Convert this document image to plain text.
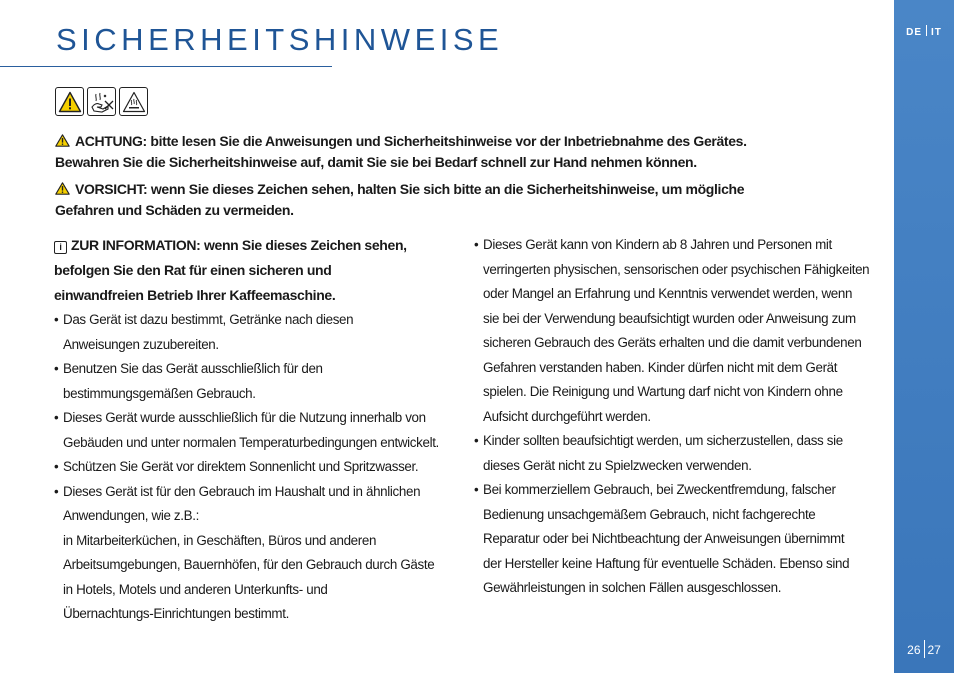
SICHERHEITSHINWEISE	DE IT
26 27
ACHTUNG: bitte lesen Sie die Anweisungen und Sicherheitshinweise vor der Inbetriebnahme des Gerätes.
Bewahren Sie die Sicherheitshinweise auf, damit Sie sie bei Bedarf schnell zur Hand nehmen können.
VORSICHT: wenn Sie dieses Zeichen sehen, halten Sie sich bitte an die Sicherheitshinweise, um mögliche
Gefahren und Schäden zu vermeiden.
i ZUR INFORMATION: wenn Sie dieses Zeichen sehen,
befolgen Sie den Rat für einen sicheren und
einwandfreien Betrieb Ihrer Kaffeemaschine.
• Das Gerät ist dazu bestimmt, Getränke nach diesen
Anweisungen zuzubereiten.
• Benutzen Sie das Gerät ausschließlich für den
bestimmungsgemäßen Gebrauch.
• Dieses Gerät wurde ausschließlich für die Nutzung innerhalb von
Gebäuden und unter normalen Temperaturbedingungen entwickelt.
• Schützen Sie Gerät vor direktem Sonnenlicht und Spritzwasser.
• Dieses Gerät ist für den Gebrauch im Haushalt und in ähnlichen
Anwendungen, wie z.B.:
in Mitarbeiterküchen, in Geschäften, Büros und anderen
Arbeitsumgebungen, Bauernhöfen, für den Gebrauch durch Gäste
in Hotels, Motels und anderen Unterkunfts- und
Übernachtungs-Einrichtungen bestimmt.
• Dieses Gerät kann von Kindern ab 8 Jahren und Personen mit
verringerten physischen, sensorischen oder psychischen Fähigkeiten
oder Mangel an Erfahrung und Kenntnis verwendet werden, wenn
sie bei der Verwendung beaufsichtigt wurden oder Anweisung zum
sicheren Gebrauch des Geräts erhalten und die damit verbundenen
Gefahren verstanden haben. Kinder dürfen nicht mit dem Gerät
spielen. Die Reinigung und Wartung darf nicht von Kindern ohne
Aufsicht durchgeführt werden.
• Kinder sollten beaufsichtigt werden, um sicherzustellen, dass sie
dieses Gerät nicht zu Spielzwecken verwenden.
• Bei kommerziellem Gebrauch, bei Zweckentfremdung, falscher
Bedienung unsachgemäßem Gebrauch, nicht fachgerechte
Reparatur oder bei Nichtbeachtung der Anweisungen übernimmt
der Hersteller keine Haftung für eventuelle Schäden. Ebenso sind
Gewährleistungen in solchen Fällen ausgeschlossen.
